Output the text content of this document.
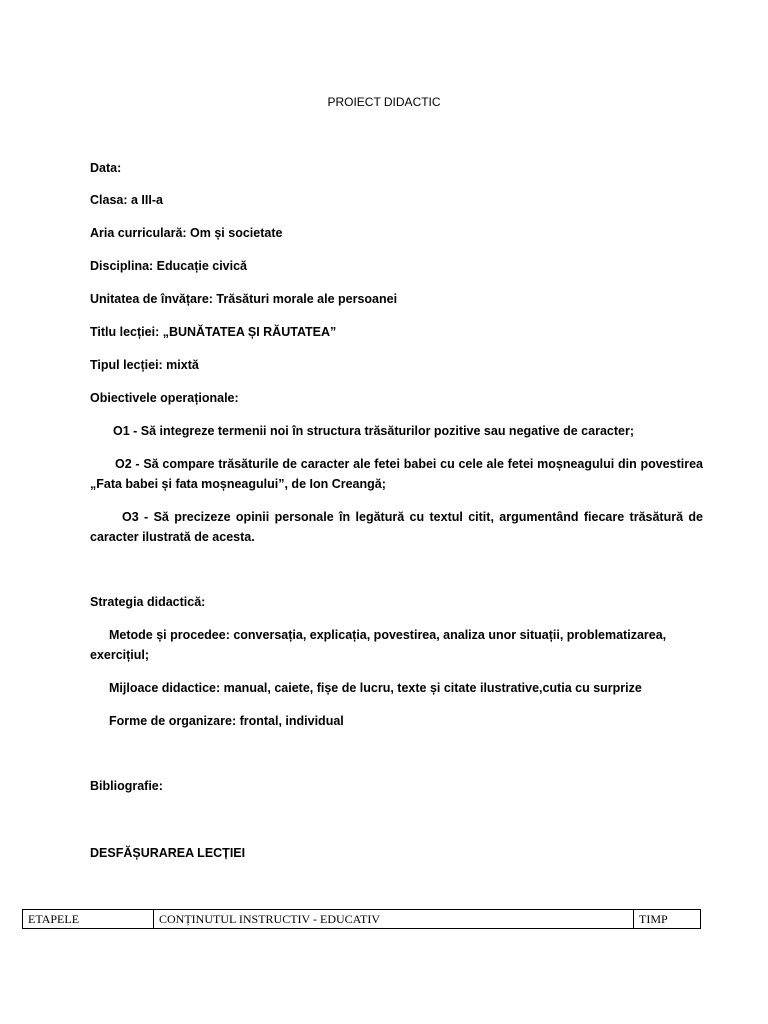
PROIECT DIDACTIC
Data:
Clasa: a III-a
Aria curriculară: Om și societate
Disciplina: Educație civică
Unitatea de învățare: Trăsături morale ale persoanei
Titlu lecției: „BUNĂTATEA ȘI RĂUTATEA”
Tipul lecției: mixtă
Obiectivele operaționale:
O1 - Să integreze termenii noi în structura trăsăturilor pozitive sau negative de caracter;
O2 - Să compare trăsăturile de caracter ale fetei babei cu cele ale fetei moșneagului din povestirea „Fata babei și fata moșneagului”, de Ion Creangă;
O3 - Să precizeze opinii personale în legătură cu textul citit, argumentând fiecare trăsătură de caracter ilustrată de acesta.
Strategia didactică:
Metode și procedee: conversația, explicația, povestirea, analiza unor situații, problematizarea, exercițiul;
Mijloace didactice: manual, caiete, fișe de lucru, texte și citate ilustrative,cutia cu surprize
Forme de organizare: frontal, individual
Bibliografie:
DESFĂȘURAREA LECȚIEI
ETAPELE	CONȚINUTUL INSTRUCTIV - EDUCATIV	TIMP
